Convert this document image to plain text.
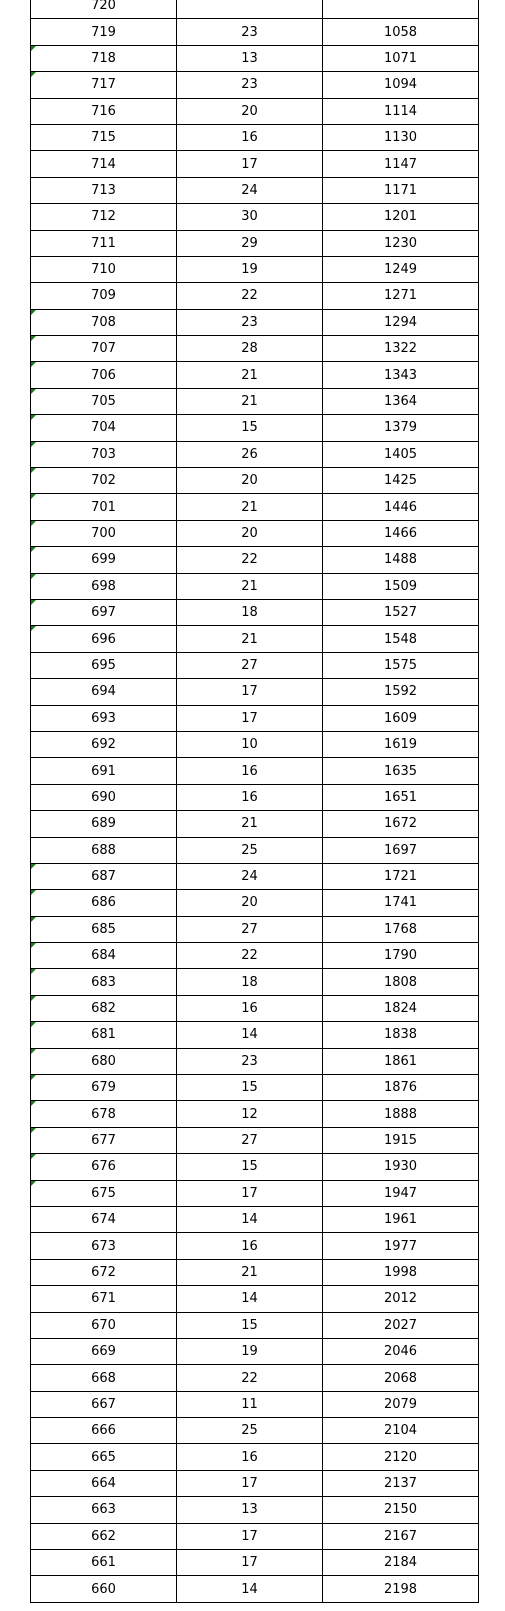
720		
719	23	1058

718	13	1071

717	23	1094
716	20	1114
715	16	1130
714	17	1147
713	24	1171
712	30	1201
711	29	1230
710	19	1249
709	22	1271

708	23	1294

707	28	1322

706	21	1343

705	21	1364

704	15	1379

703	26	1405

702	20	1425

701	21	1446

700	20	1466

699	22	1488

698	21	1509

697	18	1527

696	21	1548
695	27	1575
694	17	1592
693	17	1609
692	10	1619
691	16	1635
690	16	1651
689	21	1672
688	25	1697

687	24	1721

686	20	1741

685	27	1768

684	22	1790

683	18	1808

682	16	1824

681	14	1838

680	23	1861

679	15	1876

678	12	1888

677	27	1915

676	15	1930

675	17	1947
674	14	1961
673	16	1977
672	21	1998
671	14	2012
670	15	2027
669	19	2046
668	22	2068
667	11	2079
666	25	2104
665	16	2120
664	17	2137
663	13	2150
662	17	2167
661	17	2184
660	14	2198
